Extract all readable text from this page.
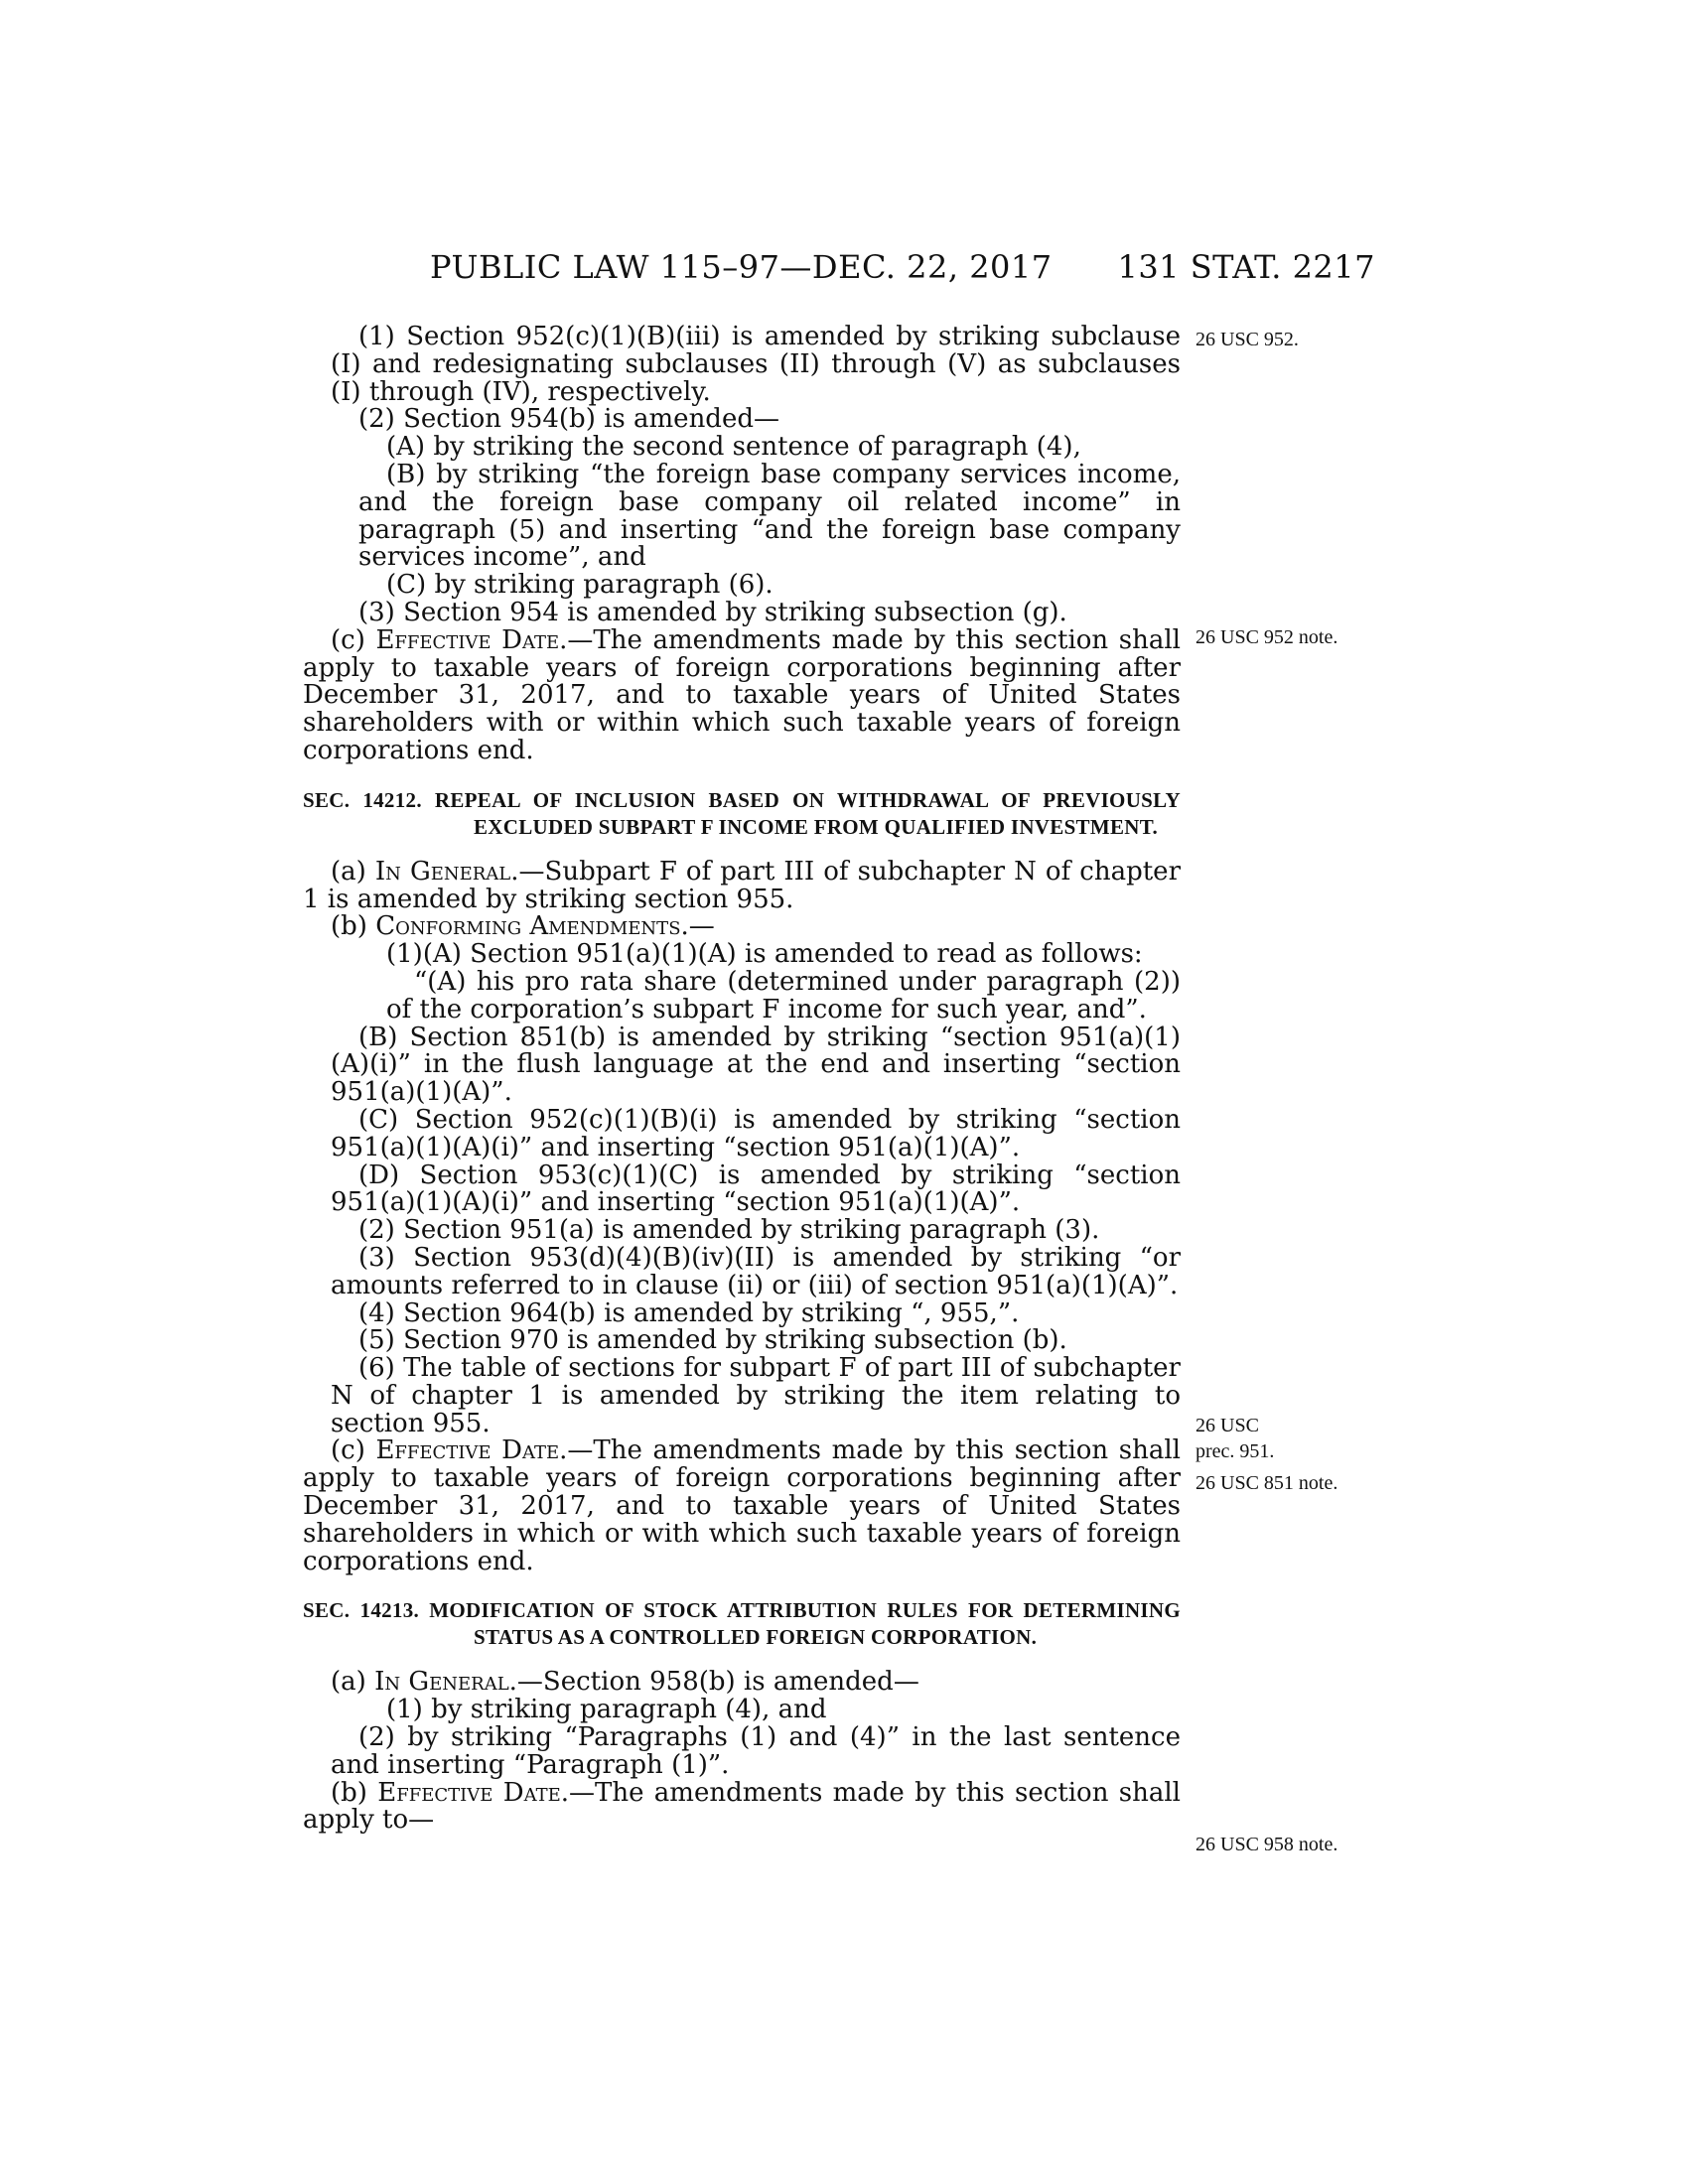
PUBLIC LAW 115–97—DEC. 22, 2017 131 STAT. 2217

(1) Section 952(c)(1)(B)(iii) is amended by striking subclause (I) and redesignating subclauses (II) through (V) as subclauses (I) through (IV), respectively.

(2) Section 954(b) is amended—

(A) by striking the second sentence of paragraph (4),

(B) by striking “the foreign base company services income, and the foreign base company oil related income” in paragraph (5) and inserting “and the foreign base company services income”, and

(C) by striking paragraph (6).

(3) Section 954 is amended by striking subsection (g).

(c) Effective Date.—The amendments made by this section shall apply to taxable years of foreign corporations beginning after December 31, 2017, and to taxable years of United States shareholders with or within which such taxable years of foreign corporations end.

SEC. 14212. REPEAL OF INCLUSION BASED ON WITHDRAWAL OF PREVIOUSLY EXCLUDED SUBPART F INCOME FROM QUALIFIED INVESTMENT.

(a) In General.—Subpart F of part III of subchapter N of chapter 1 is amended by striking section 955.

(b) Conforming Amendments.—

(1)(A) Section 951(a)(1)(A) is amended to read as follows:

“(A) his pro rata share (determined under paragraph (2)) of the corporation’s subpart F income for such year, and”.

(B) Section 851(b) is amended by striking “section 951(a)(1)(A)(i)” in the flush language at the end and inserting “section 951(a)(1)(A)”.

(C) Section 952(c)(1)(B)(i) is amended by striking “section 951(a)(1)(A)(i)” and inserting “section 951(a)(1)(A)”.

(D) Section 953(c)(1)(C) is amended by striking “section 951(a)(1)(A)(i)” and inserting “section 951(a)(1)(A)”.

(2) Section 951(a) is amended by striking paragraph (3).

(3) Section 953(d)(4)(B)(iv)(II) is amended by striking “or amounts referred to in clause (ii) or (iii) of section 951(a)(1)(A)”.

(4) Section 964(b) is amended by striking “, 955,”.

(5) Section 970 is amended by striking subsection (b).

(6) The table of sections for subpart F of part III of subchapter N of chapter 1 is amended by striking the item relating to section 955.

(c) Effective Date.—The amendments made by this section shall apply to taxable years of foreign corporations beginning after December 31, 2017, and to taxable years of United States shareholders in which or with which such taxable years of foreign corporations end.

SEC. 14213. MODIFICATION OF STOCK ATTRIBUTION RULES FOR DETERMINING STATUS AS A CONTROLLED FOREIGN CORPORATION.

(a) In General.—Section 958(b) is amended—

(1) by striking paragraph (4), and

(2) by striking “Paragraphs (1) and (4)” in the last sentence and inserting “Paragraph (1)”.

(b) Effective Date.—The amendments made by this section shall apply to—

26 USC 952.
26 USC 952 note.
26 USC
prec. 951.
26 USC 851 note.
26 USC 958 note.
